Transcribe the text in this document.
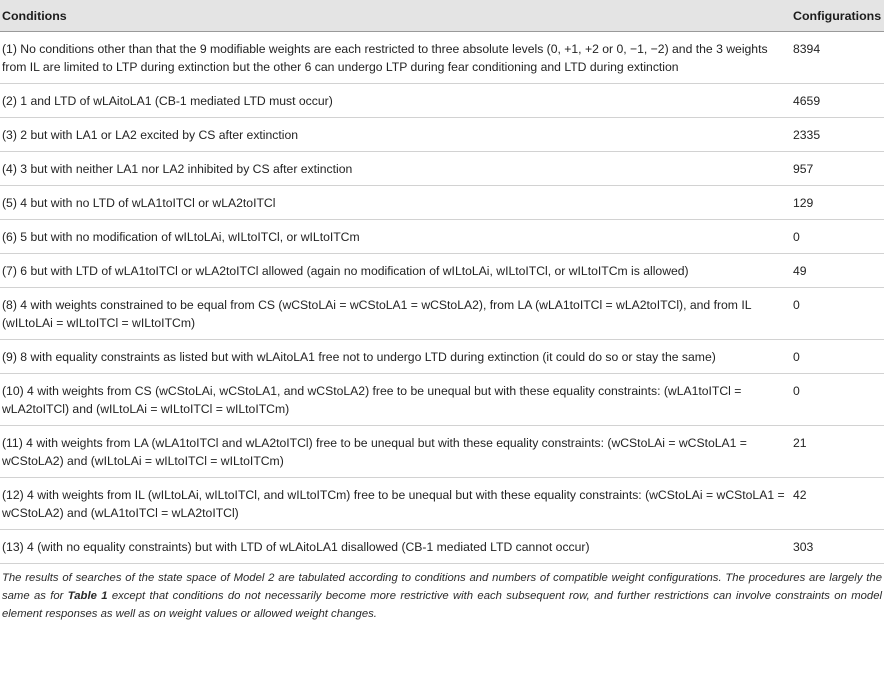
Conditions	Configurations
(1) No conditions other than that the 9 modifiable weights are each restricted to three absolute levels (0, +1, +2 or 0, −1, −2) and the 3 weights from IL are limited to LTP during extinction but the other 6 can undergo LTP during fear conditioning and LTD during extinction	8394
(2) 1 and LTD of wLAitoLA1 (CB-1 mediated LTD must occur)	4659
(3) 2 but with LA1 or LA2 excited by CS after extinction	2335
(4) 3 but with neither LA1 nor LA2 inhibited by CS after extinction	957
(5) 4 but with no LTD of wLA1toITCl or wLA2toITCl	129
(6) 5 but with no modification of wILtoLAi, wILtoITCl, or wILtoITCm	0
(7) 6 but with LTD of wLA1toITCl or wLA2toITCl allowed (again no modification of wILtoLAi, wILtoITCl, or wILtoITCm is allowed)	49
(8) 4 with weights constrained to be equal from CS (wCStoLAi = wCStoLA1 = wCStoLA2), from LA (wLA1toITCl = wLA2toITCl), and from IL (wILtoLAi = wILtoITCl = wILtoITCm)	0
(9) 8 with equality constraints as listed but with wLAitoLA1 free not to undergo LTD during extinction (it could do so or stay the same)	0
(10) 4 with weights from CS (wCStoLAi, wCStoLA1, and wCStoLA2) free to be unequal but with these equality constraints: (wLA1toITCl = wLA2toITCl) and (wILtoLAi = wILtoITCl = wILtoITCm)	0
(11) 4 with weights from LA (wLA1toITCl and wLA2toITCl) free to be unequal but with these equality constraints: (wCStoLAi = wCStoLA1 = wCStoLA2) and (wILtoLAi = wILtoITCl = wILtoITCm)	21
(12) 4 with weights from IL (wILtoLAi, wILtoITCl, and wILtoITCm) free to be unequal but with these equality constraints: (wCStoLAi = wCStoLA1 = wCStoLA2) and (wLA1toITCl = wLA2toITCl)	42
(13) 4 (with no equality constraints) but with LTD of wLAitoLA1 disallowed (CB-1 mediated LTD cannot occur)	303
The results of searches of the state space of Model 2 are tabulated according to conditions and numbers of compatible weight configurations. The procedures are largely the same as for Table 1 except that conditions do not necessarily become more restrictive with each subsequent row, and further restrictions can involve constraints on model element responses as well as on weight values or allowed weight changes.
